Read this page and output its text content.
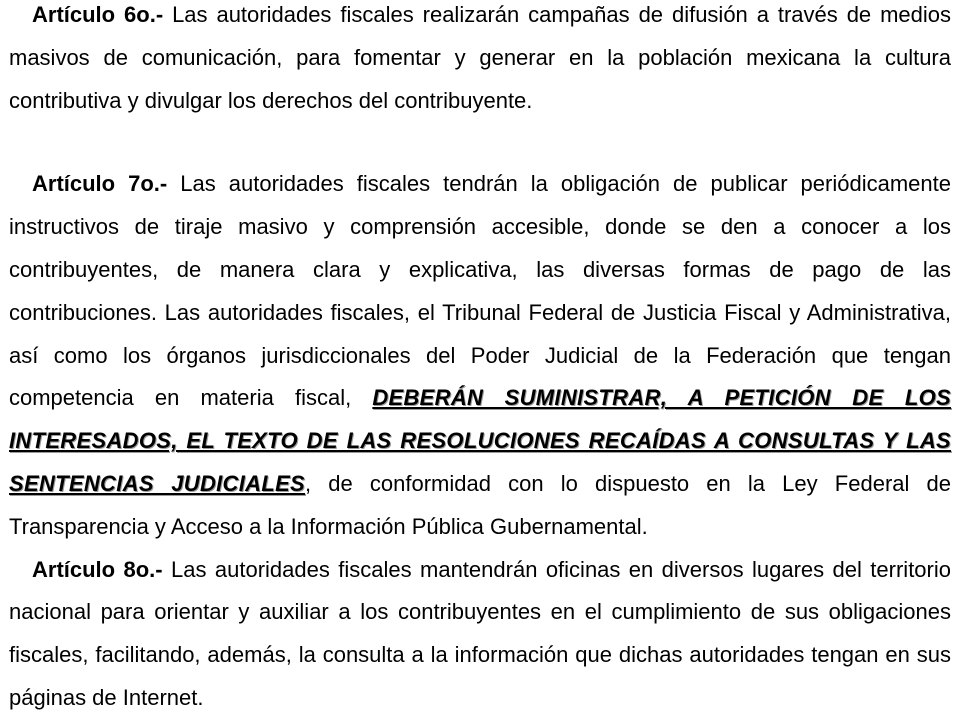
Artículo 6o.- Las autoridades fiscales realizarán campañas de difusión a través de medios masivos de comunicación, para fomentar y generar en la población mexicana la cultura contributiva y divulgar los derechos del contribuyente.

Artículo 7o.- Las autoridades fiscales tendrán la obligación de publicar periódicamente instructivos de tiraje masivo y comprensión accesible, donde se den a conocer a los contribuyentes, de manera clara y explicativa, las diversas formas de pago de las contribuciones. Las autoridades fiscales, el Tribunal Federal de Justicia Fiscal y Administrativa, así como los órganos jurisdiccionales del Poder Judicial de la Federación que tengan competencia en materia fiscal, DEBERÁN SUMINISTRAR, A PETICIÓN DE LOS INTERESADOS, EL TEXTO DE LAS RESOLUCIONES RECAÍDAS A CONSULTAS Y LAS SENTENCIAS JUDICIALES, de conformidad con lo dispuesto en la Ley Federal de Transparencia y Acceso a la Información Pública Gubernamental.

Artículo 8o.- Las autoridades fiscales mantendrán oficinas en diversos lugares del territorio nacional para orientar y auxiliar a los contribuyentes en el cumplimiento de sus obligaciones fiscales, facilitando, además, la consulta a la información que dichas autoridades tengan en sus páginas de Internet.
